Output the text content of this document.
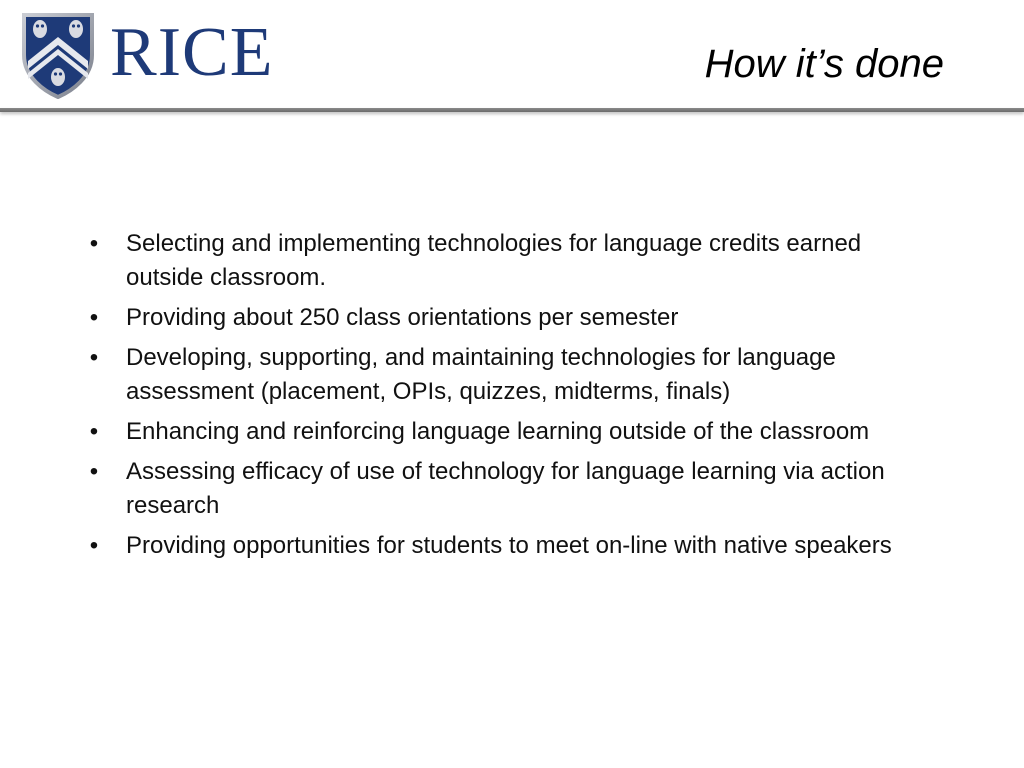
RICE	How it’s done
• Selecting and implementing technologies for language credits earned outside classroom.
• Providing about 250 class orientations per semester
• Developing, supporting, and maintaining technologies for language assessment (placement, OPIs, quizzes, midterms, finals)
• Enhancing and reinforcing language learning outside of the classroom
• Assessing efficacy of use of technology for language learning via action research
• Providing opportunities for students to meet on-line with native speakers
